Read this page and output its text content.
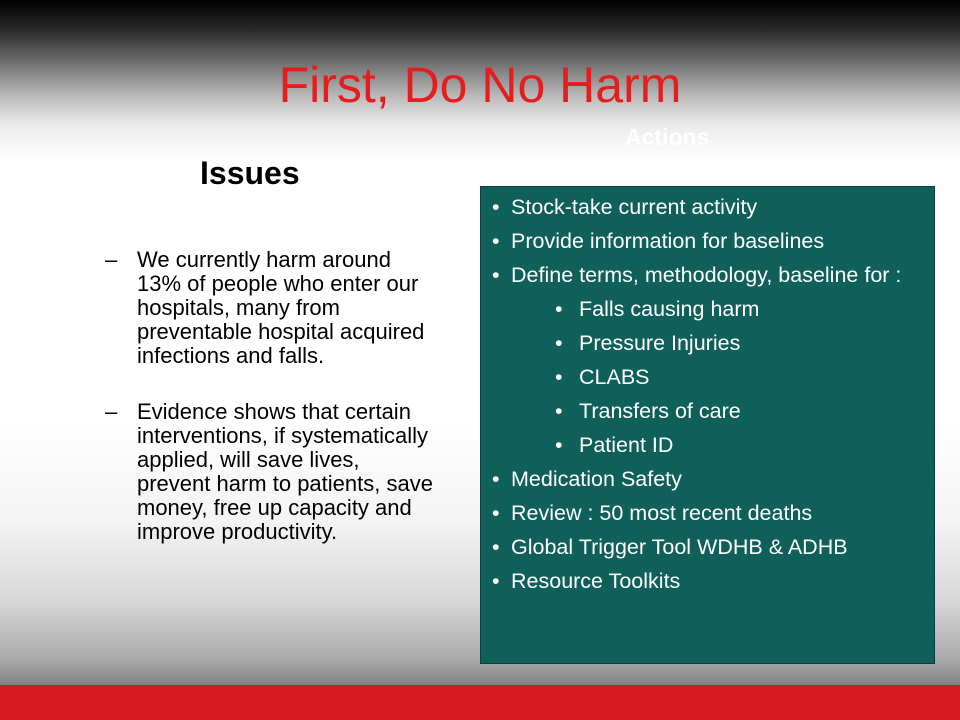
First, Do No Harm
Actions
Issues
– We currently harm around 13% of people who enter our hospitals, many from preventable hospital acquired infections and falls.
– Evidence shows that certain interventions, if systematically applied, will save lives, prevent harm to patients, save money, free up capacity and improve productivity.
• Stock-take current activity
• Provide information for baselines
• Define terms, methodology, baseline for :
• Falls causing harm
• Pressure Injuries
• CLABS
• Transfers of care
• Patient ID
• Medication Safety
• Review : 50 most recent deaths
• Global Trigger Tool WDHB & ADHB
• Resource Toolkits
